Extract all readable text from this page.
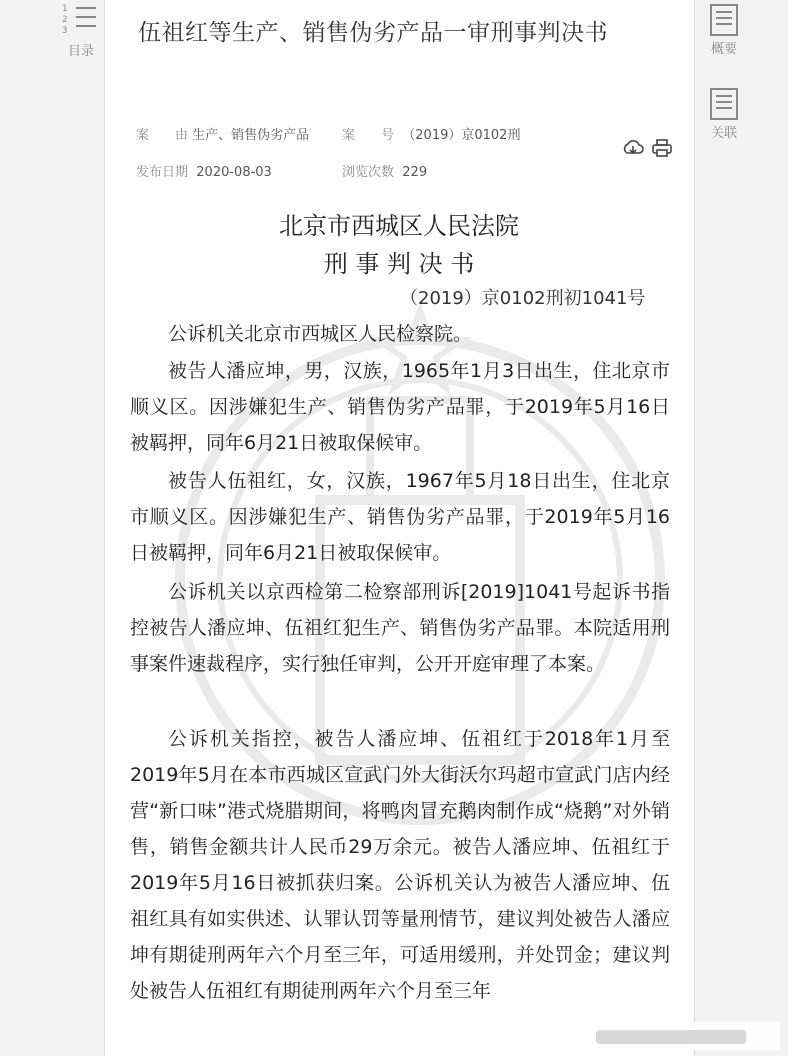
1
2
3
目录	概要
关联
伍祖红等生产、销售伪劣产品一审刑事判决书
案　　由 生产、销售伪劣产品	案　　号 （2019）京0102刑
发布日期 2020-08-03	浏览次数 229

北京市西城区人民法院
刑 事 判 决 书
（2019）京0102刑初1041号

公诉机关北京市西城区人民检察院。

被告人潘应坤，男，汉族，1965年1月3日出生，住北京市顺义区。因涉嫌犯生产、销售伪劣产品罪，于2019年5月16日被羁押，同年6月21日被取保候审。

被告人伍祖红，女，汉族，1967年5月18日出生，住北京市顺义区。因涉嫌犯生产、销售伪劣产品罪，于2019年5月16日被羁押，同年6月21日被取保候审。

公诉机关以京西检第二检察部刑诉[2019]1041号起诉书指控被告人潘应坤、伍祖红犯生产、销售伪劣产品罪。本院适用刑事案件速裁程序，实行独任审判，公开开庭审理了本案。

公诉机关指控，被告人潘应坤、伍祖红于2018年1月至2019年5月在本市西城区宣武门外大街沃尔玛超市宣武门店内经营“新口味”港式烧腊期间，将鸭肉冒充鹅肉制作成“烧鹅”对外销售，销售金额共计人民币29万余元。被告人潘应坤、伍祖红于2019年5月16日被抓获归案。公诉机关认为被告人潘应坤、伍祖红具有如实供述、认罪认罚等量刑情节，建议判处被告人潘应坤有期徒刑两年六个月至三年，可适用缓刑，并处罚金；建议判处被告人伍祖红有期徒刑两年六个月至三年
